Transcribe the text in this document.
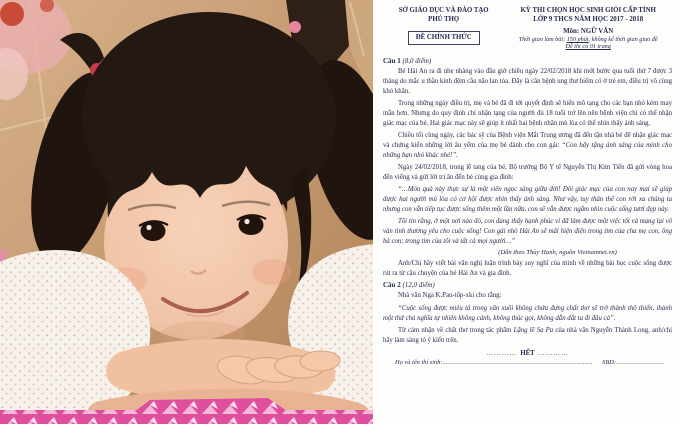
SỞ GIÁO DỤC VÀ ĐÀO TẠO
PHÚ THỌ
ĐỀ CHÍNH THỨC
KỲ THI CHỌN HỌC SINH GIỎI CẤP TỈNH
LỚP 9 THCS NĂM HỌC 2017 - 2018
Môn: NGỮ VĂN
Thời gian làm bài: 150 phút, không kể thời gian giao đề
Đề thi có 01 trang

Câu 1 (8,0 điểm)

Bé Hải An ra đi nhẹ nhàng vào đầu giờ chiều ngày 22/02/2018 khi mới bước qua tuổi thứ 7 được 3 tháng do mắc u thần kinh đệm cầu não lan tỏa. Đây là căn bệnh ung thư hiếm có ở trẻ em, điều trị vô cùng khó khăn.

Trong những ngày điều trị, mẹ và bé đã đi tới quyết định sẽ hiến mô tạng cho các bạn nhỏ kém may mắn hơn. Nhưng do quy định chỉ nhận tạng của người đủ 18 tuổi trở lên nên bệnh viện chỉ có thể nhận giác mạc của bé. Hai giác mạc này sẽ giúp ít nhất hai bệnh nhân mù lòa có thể nhìn thấy ánh sáng.

Chiều tối cùng ngày, các bác sỹ của Bệnh viện Mắt Trung ương đã đến tận nhà bé để nhận giác mạc và chứng kiến những lời âu yếm của mẹ bé dành cho con gái: “Con hãy tặng ánh sáng của mình cho những bạn nhỏ khác nhé!”.

Ngày 24/02/2018, trong lễ tang của bé, Bộ trưởng Bộ Y tế Nguyễn Thị Kim Tiến đã gửi vòng hoa đến viếng và gửi lời tri ân đến bé cùng gia đình:

“…Món quà này thực sự là một viên ngọc sáng giữa đời! Đôi giác mạc của con nay mai sẽ giúp được hai người mù lòa có cơ hội được nhìn thấy ánh sáng. Như vậy, tuy thân thể con rời xa chúng ta nhưng con vẫn tiếp tục được sống thêm một lần nữa, con sẽ vẫn được ngắm nhìn cuộc sống tươi đẹp này.

Tôi tin rằng, ở một nơi nào đó, con đang thấy hạnh phúc vì đã làm được một việc tốt và mang lại vô vàn tình thương yêu cho cuộc sống! Con gái nhỏ Hải An sẽ mãi hiện diện trong tim của cha mẹ con, ông bà con; trong tim của tôi và tất cả mọi người…”

(Dẫn theo Thùy Hạnh, nguồn Vietnamnet.vn)

Anh/Chị hãy viết bài văn nghị luận trình bày suy nghĩ của mình về những bài học cuộc sống được rút ra từ câu chuyện của bé Hải An và gia đình.

Câu 2 (12,0 điểm)

Nhà văn Nga K.Pau-tốp-xki cho rằng:

“Cuộc sống được miêu tả trong văn xuôi không chứa đựng chất thơ sẽ trở thành thô thiển, thành một thứ chủ nghĩa tự nhiên không cánh, không thúc gọi, không dẫn dắt ta đi đâu cả”.

Từ cảm nhận về chất thơ trong tác phẩm Lặng lẽ Sa Pa của nhà văn Nguyễn Thành Long, anh/chị hãy làm sáng tỏ ý kiến trên.

………… HẾT …………
Họ và tên thí sinh: ..............................................................................................	SBD: ..............................
